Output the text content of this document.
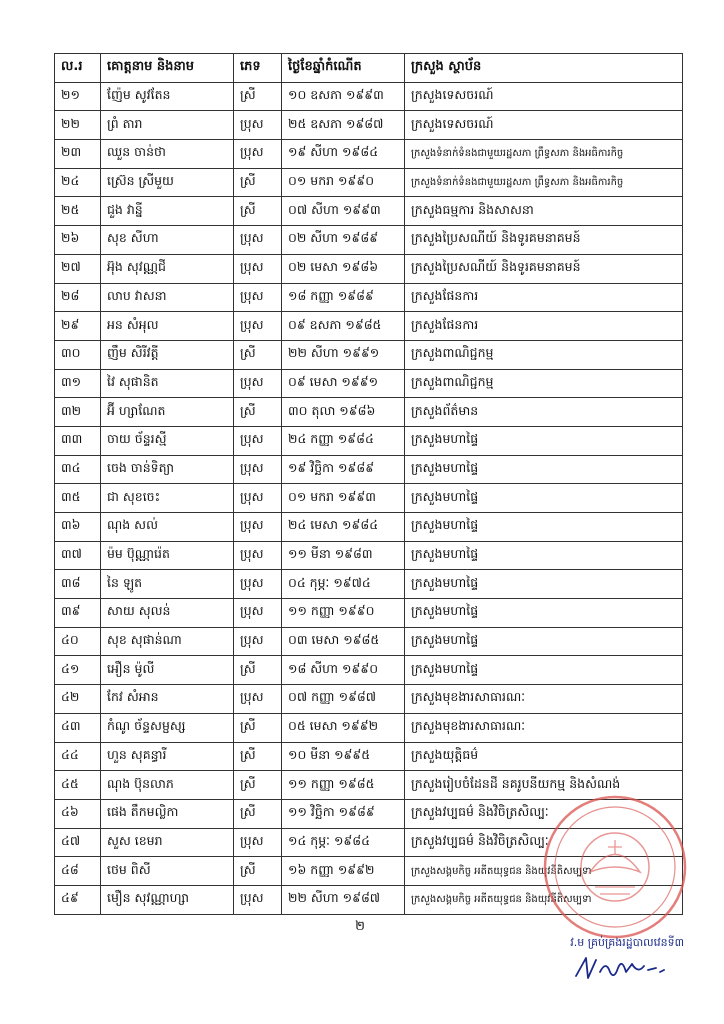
ល.រ	គោត្តនាម និងនាម	ភេទ	ថ្ងៃខែឆ្នាំកំណើត	ក្រសួង ស្ថាប័ន
២១	ញ៉ែម សូវតែន	ស្រី	១០ ឧសភា ១៩៩៣	ក្រសួងទេសចរណ៍
២២	ព្រំ តារា	ប្រុស	២៥ ឧសភា ១៩៨៧	ក្រសួងទេសចរណ៍
២៣	ឈួន ចាន់ថា	ប្រុស	១៩ សីហា ១៩៨៤	ក្រសួងទំនាក់ទំនងជាមួយរដ្ឋសភា ព្រឹទ្ធសភា និងអធិការកិច្ច
២៤	ស៊្រេន ស្រីមួយ	ស្រី	០១ មករា ១៩៩០	ក្រសួងទំនាក់ទំនងជាមួយរដ្ឋសភា ព្រឹទ្ធសភា និងអធិការកិច្ច
២៥	ជួង វាន្នី	ស្រី	០៧ សីហា ១៩៩៣	ក្រសួងធម្មការ និងសាសនា
២៦	សុខ សីហា	ប្រុស	០២ សីហា ១៩៨៩	ក្រសួងប្រៃសណីយ៍ និងទូរគមនាគមន៍
២៧	អ៊ុង សុវណ្ណជី	ប្រុស	០២ មេសា ១៩៨៦	ក្រសួងប្រៃសណីយ៍ និងទូរគមនាគមន៍
២៨	លាប វាសនា	ប្រុស	១៨ កញ្ញា ១៩៨៩	ក្រសួងផែនការ
២៩	អន សំអុល	ប្រុស	០៩ ឧសភា ១៩៨៥	ក្រសួងផែនការ
៣០	ញឹម សិរីវត្តី	ស្រី	២២ សីហា ១៩៩១	ក្រសួងពាណិជ្ជកម្ម
៣១	វៃ សុផានិត	ប្រុស	០៩ មេសា ១៩៩១	ក្រសួងពាណិជ្ជកម្ម
៣២	អ៊ី ហ្សាណែត	ស្រី	៣០ តុលា ១៩៨៦	ក្រសួងព័ត៌មាន
៣៣	ចាយ ច័ន្ទរស្មី	ប្រុស	២៤ កញ្ញា ១៩៨៤	ក្រសួងមហាផ្ទៃ
៣៤	ចេង ចាន់ទិត្យា	ប្រុស	១៩ វិច្ឆិកា ១៩៨៩	ក្រសួងមហាផ្ទៃ
៣៥	ជា សុខចេះ	ប្រុស	០១ មករា ១៩៩៣	ក្រសួងមហាផ្ទៃ
៣៦	ណុង សល់	ប្រុស	២៤ មេសា ១៩៨៤	ក្រសួងមហាផ្ទៃ
៣៧	ម៉ម ប៊ុណ្ណារ៉េត	ប្រុស	១១ មីនា ១៩៨៣	ក្រសួងមហាផ្ទៃ
៣៨	នៃ ឡូត	ប្រុស	០៤ កុម្ភៈ ១៩៧៤	ក្រសួងមហាផ្ទៃ
៣៩	សាយ សុលន់	ប្រុស	១១ កញ្ញា ១៩៩០	ក្រសួងមហាផ្ទៃ
៤០	សុខ សុផាន់ណា	ប្រុស	០៣ មេសា ១៩៨៥	ក្រសួងមហាផ្ទៃ
៤១	អឿន ម៉ូលី	ស្រី	១៨ សីហា ១៩៩០	ក្រសួងមហាផ្ទៃ
៤២	កែវ សំអាន	ប្រុស	០៧ កញ្ញា ១៩៨៧	ក្រសួងមុខងារសាធារណៈ
៤៣	កំណូ ច័ន្ទសម្ផស្ស	ស្រី	០៥ មេសា ១៩៩២	ក្រសួងមុខងារសាធារណៈ
៤៤	ហួន សុគន្ធារី	ស្រី	១០ មីនា ១៩៩៥	ក្រសួងយុត្តិធម៌
៤៥	ណុង ប៊ុនលាភ	ស្រី	១១ កញ្ញា ១៩៨៥	ក្រសួងរៀបចំដែនដី នគរូបនីយកម្ម និងសំណង់
៤៦	ផេង តឹកមល្លិកា	ស្រី	១១ វិច្ឆិកា ១៩៨៩	ក្រសួងវប្បធម៌ និងវិចិត្រសិល្បៈ
៤៧	សួស ខេមរា	ប្រុស	១៤ កុម្ភៈ ១៩៨៤	ក្រសួងវប្បធម៌ និងវិចិត្រសិល្បៈ
៤៨	ថេម ពិសី	ស្រី	១៦ កញ្ញា ១៩៩២	ក្រសួងសង្គមកិច្ច អតីតយុទ្ធជន និងយុវនីតិសម្បទា
៤៩	មឿន សុវណ្ណាហ្សា	ប្រុស	២២ សីហា ១៩៨៧	ក្រសួងសង្គមកិច្ច អតីតយុទ្ធជន និងយុវនីតិសម្បទា
២
វ.ម ​គ្រប់គ្រងរដ្ឋបាលវេនទី៣
